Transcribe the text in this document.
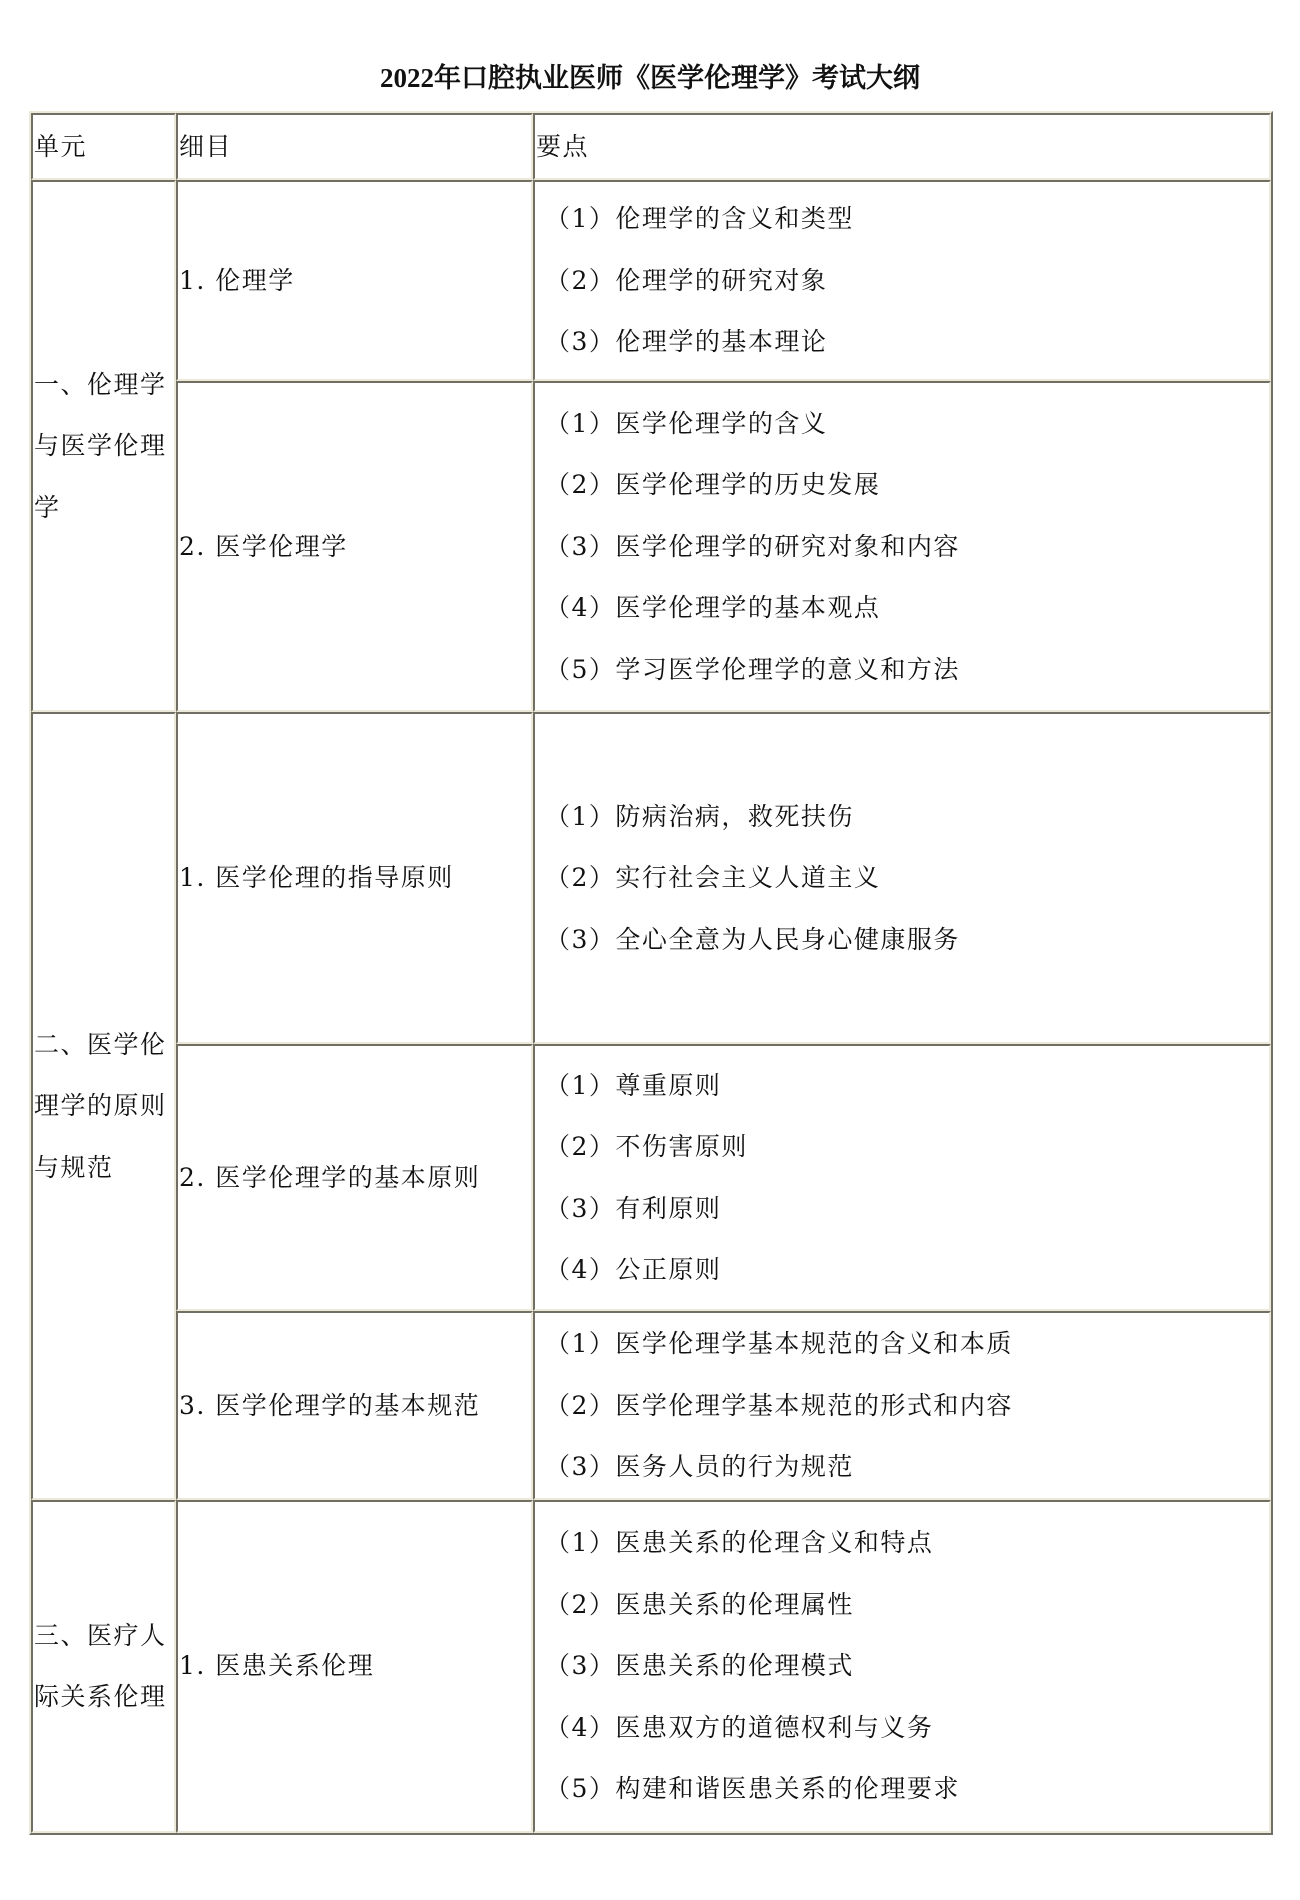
2022年口腔执业医师《医学伦理学》考试大纲
单元	细目	要点

一、伦理学与医学伦理学	1. 伦理学	（1）伦理学的含义和类型
（2）伦理学的研究对象
（3）伦理学的基本理论

	2. 医学伦理学	（1）医学伦理学的含义
（2）医学伦理学的历史发展
（3）医学伦理学的研究对象和内容
（4）医学伦理学的基本观点
（5）学习医学伦理学的意义和方法

二、医学伦理学的原则与规范	1. 医学伦理的指导原则	（1）防病治病，救死扶伤
（2）实行社会主义人道主义
（3）全心全意为人民身心健康服务

	2. 医学伦理学的基本原则	（1）尊重原则
（2）不伤害原则
（3）有利原则
（4）公正原则

	3. 医学伦理学的基本规范	（1）医学伦理学基本规范的含义和本质
（2）医学伦理学基本规范的形式和内容
（3）医务人员的行为规范

三、医疗人际关系伦理	1. 医患关系伦理	（1）医患关系的伦理含义和特点
（2）医患关系的伦理属性
（3）医患关系的伦理模式
（4）医患双方的道德权利与义务
（5）构建和谐医患关系的伦理要求
